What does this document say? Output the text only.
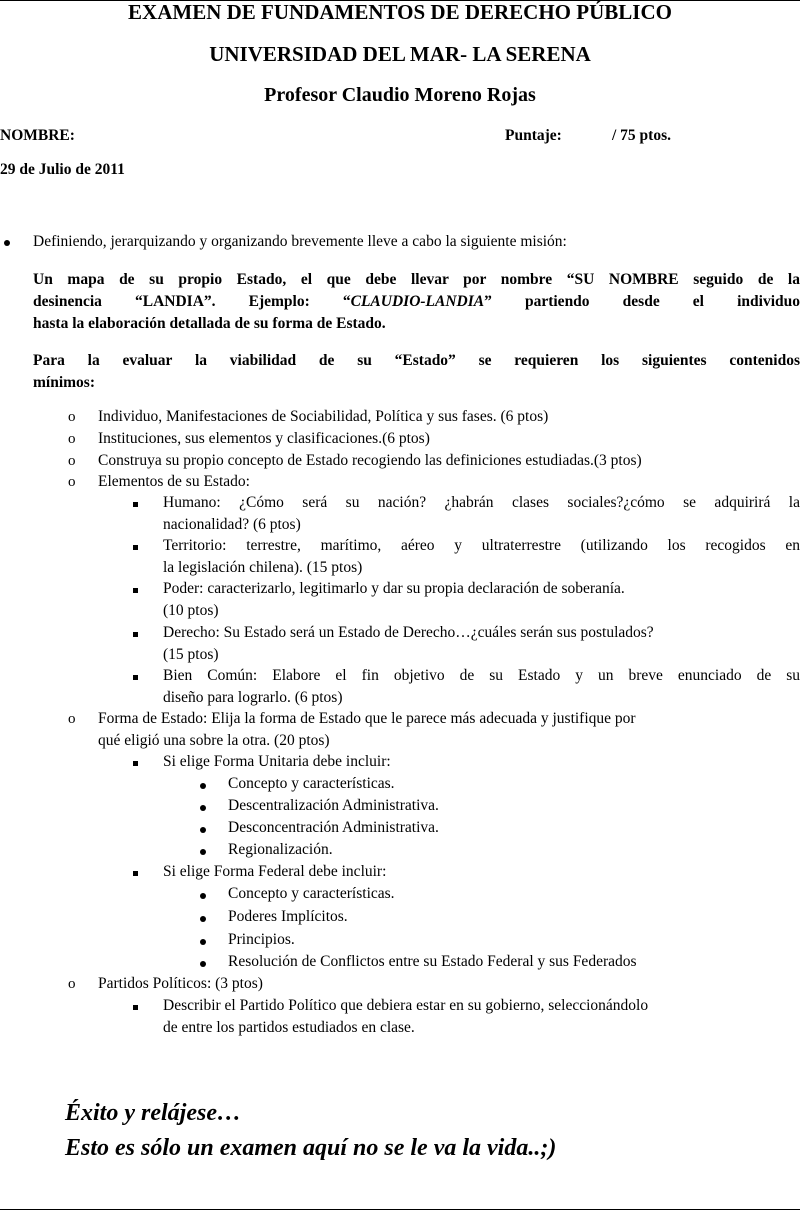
EXAMEN DE FUNDAMENTOS DE DERECHO PÚBLICO
UNIVERSIDAD DEL MAR- LA SERENA
Profesor Claudio Moreno Rojas
NOMBRE:	Puntaje:	/ 75 ptos.
29 de Julio de 2011
Definiendo, jerarquizando y organizando brevemente lleve a cabo la siguiente misión:
Un mapa de su propio Estado, el que debe llevar por nombre “SU NOMBRE seguido de la
desinencia “LANDIA”. Ejemplo: “CLAUDIO-LANDIA” partiendo desde el individuo
hasta la elaboración detallada de su forma de Estado.
Para la evaluar la viabilidad de su “Estado” se requieren los siguientes contenidos
mínimos:
o Individuo, Manifestaciones de Sociabilidad, Política y sus fases. (6 ptos)
o Instituciones, sus elementos y clasificaciones.(6 ptos)
o Construya su propio concepto de Estado recogiendo las definiciones estudiadas.(3 ptos)
o Elementos de su Estado:
Humano: ¿Cómo será su nación? ¿habrán clases sociales?¿cómo se adquirirá la
nacionalidad? (6 ptos)
Territorio: terrestre, marítimo, aéreo y ultraterrestre (utilizando los recogidos en
la legislación chilena). (15 ptos)
Poder: caracterizarlo, legitimarlo y dar su propia declaración de soberanía.
(10 ptos)
Derecho: Su Estado será un Estado de Derecho…¿cuáles serán sus postulados?
(15 ptos)
Bien Común: Elabore el fin objetivo de su Estado y un breve enunciado de su
diseño para lograrlo. (6 ptos)
o Forma de Estado: Elija la forma de Estado que le parece más adecuada y justifique por
qué eligió una sobre la otra. (20 ptos)
Si elige Forma Unitaria debe incluir:
Concepto y características.
Descentralización Administrativa.
Desconcentración Administrativa.
Regionalización.
Si elige Forma Federal debe incluir:
Concepto y características.
Poderes Implícitos.
Principios.
Resolución de Conflictos entre su Estado Federal y sus Federados
o Partidos Políticos: (3 ptos)
Describir el Partido Político que debiera estar en su gobierno, seleccionándolo
de entre los partidos estudiados en clase.
Éxito y relájese…
Esto es sólo un examen aquí no se le va la vida..;)
